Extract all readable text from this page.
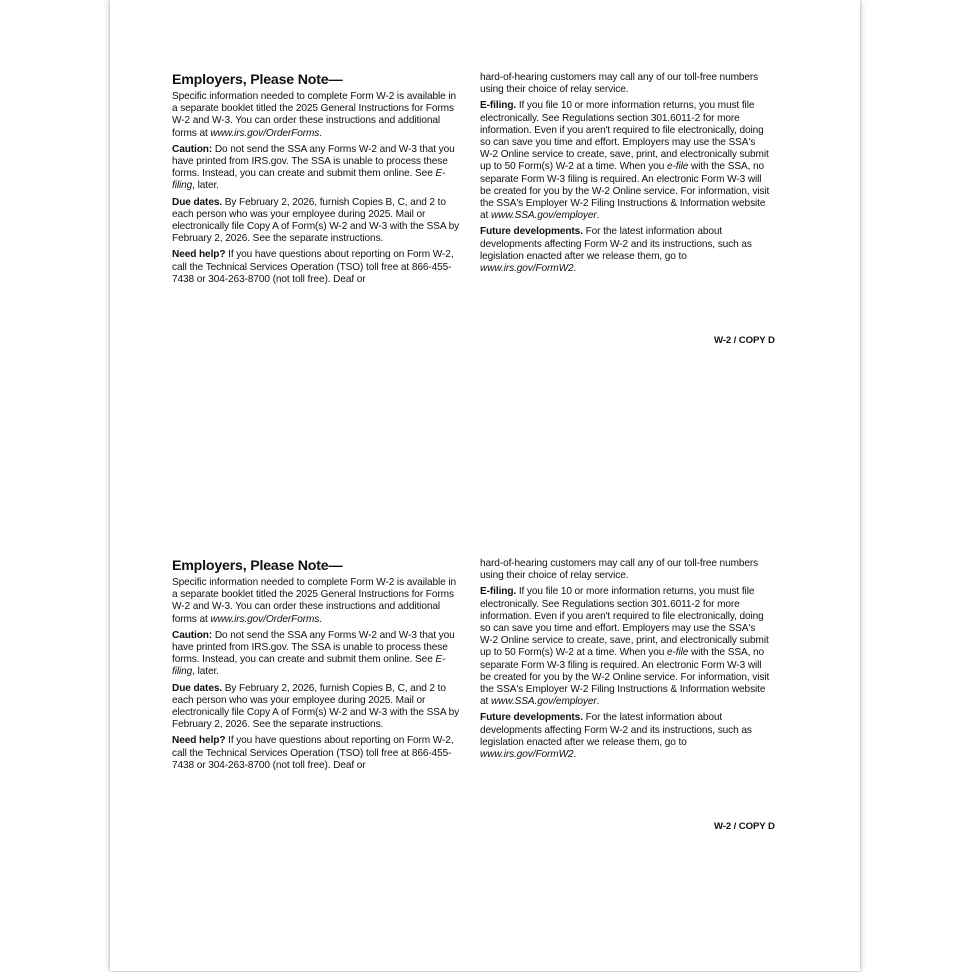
Employers, Please Note—

Specific information needed to complete Form W-2 is available in a separate booklet titled the 2025 General Instructions for Forms W-2 and W-3. You can order these instructions and additional forms at www.irs.gov/OrderForms.

Caution: Do not send the SSA any Forms W-2 and W-3 that you have printed from IRS.gov. The SSA is unable to process these forms. Instead, you can create and submit them online. See E-filing, later.

Due dates. By February 2, 2026, furnish Copies B, C, and 2 to each person who was your employee during 2025. Mail or electronically file Copy A of Form(s) W-2 and W-3 with the SSA by February 2, 2026. See the separate instructions.

Need help? If you have questions about reporting on Form W-2, call the Technical Services Operation (TSO) toll free at 866-455-7438 or 304-263-8700 (not toll free). Deaf or

hard-of-hearing customers may call any of our toll-free numbers using their choice of relay service.

E-filing. If you file 10 or more information returns, you must file electronically. See Regulations section 301.6011-2 for more information. Even if you aren't required to file electronically, doing so can save you time and effort. Employers may use the SSA's W-2 Online service to create, save, print, and electronically submit up to 50 Form(s) W-2 at a time. When you e-file with the SSA, no separate Form W-3 filing is required. An electronic Form W-3 will be created for you by the W-2 Online service. For information, visit the SSA's Employer W-2 Filing Instructions & Information website at www.SSA.gov/employer.

Future developments. For the latest information about developments affecting Form W-2 and its instructions, such as legislation enacted after we release them, go to www.irs.gov/FormW2.

W-2 / COPY D
Employers, Please Note—

Specific information needed to complete Form W-2 is available in a separate booklet titled the 2025 General Instructions for Forms W-2 and W-3. You can order these instructions and additional forms at www.irs.gov/OrderForms.

Caution: Do not send the SSA any Forms W-2 and W-3 that you have printed from IRS.gov. The SSA is unable to process these forms. Instead, you can create and submit them online. See E-filing, later.

Due dates. By February 2, 2026, furnish Copies B, C, and 2 to each person who was your employee during 2025. Mail or electronically file Copy A of Form(s) W-2 and W-3 with the SSA by February 2, 2026. See the separate instructions.

Need help? If you have questions about reporting on Form W-2, call the Technical Services Operation (TSO) toll free at 866-455-7438 or 304-263-8700 (not toll free). Deaf or

hard-of-hearing customers may call any of our toll-free numbers using their choice of relay service.

E-filing. If you file 10 or more information returns, you must file electronically. See Regulations section 301.6011-2 for more information. Even if you aren't required to file electronically, doing so can save you time and effort. Employers may use the SSA's W-2 Online service to create, save, print, and electronically submit up to 50 Form(s) W-2 at a time. When you e-file with the SSA, no separate Form W-3 filing is required. An electronic Form W-3 will be created for you by the W-2 Online service. For information, visit the SSA's Employer W-2 Filing Instructions & Information website at www.SSA.gov/employer.

Future developments. For the latest information about developments affecting Form W-2 and its instructions, such as legislation enacted after we release them, go to www.irs.gov/FormW2.

W-2 / COPY D
